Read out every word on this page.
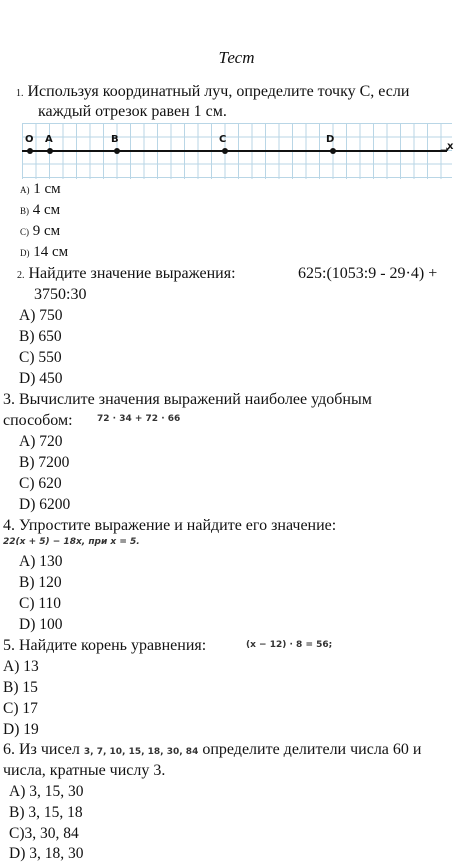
Тест
1. Используя координатный луч, определите точку С, если
каждый отрезок равен 1 см.
➝
O A	B	C	D
x
A) 1 см
B) 4 см
C) 9 см
D) 14 см
2. Найдите значение выражения:	625:(1053:9 - 29·4) +
3750:30
A) 750
B) 650
C) 550
D) 450
3. Вычислите значения выражений наиболее удобным
способом:	72 · 34 + 72 · 66
A) 720
B) 7200
C) 620
D) 6200
4. Упростите выражение и найдите его значение:
22(x + 5) − 18x, при x = 5.
A) 130
B) 120
C) 110
D) 100
5. Найдите корень уравнения:	(x − 12) · 8 = 56;
A) 13
B) 15
C) 17
D) 19
6. Из чисел 3, 7, 10, 15, 18, 30, 84 определите делители числа 60 и
числа, кратные числу 3.
A) 3, 15, 30
B) 3, 15, 18
C)3, 30, 84
D) 3, 18, 30
